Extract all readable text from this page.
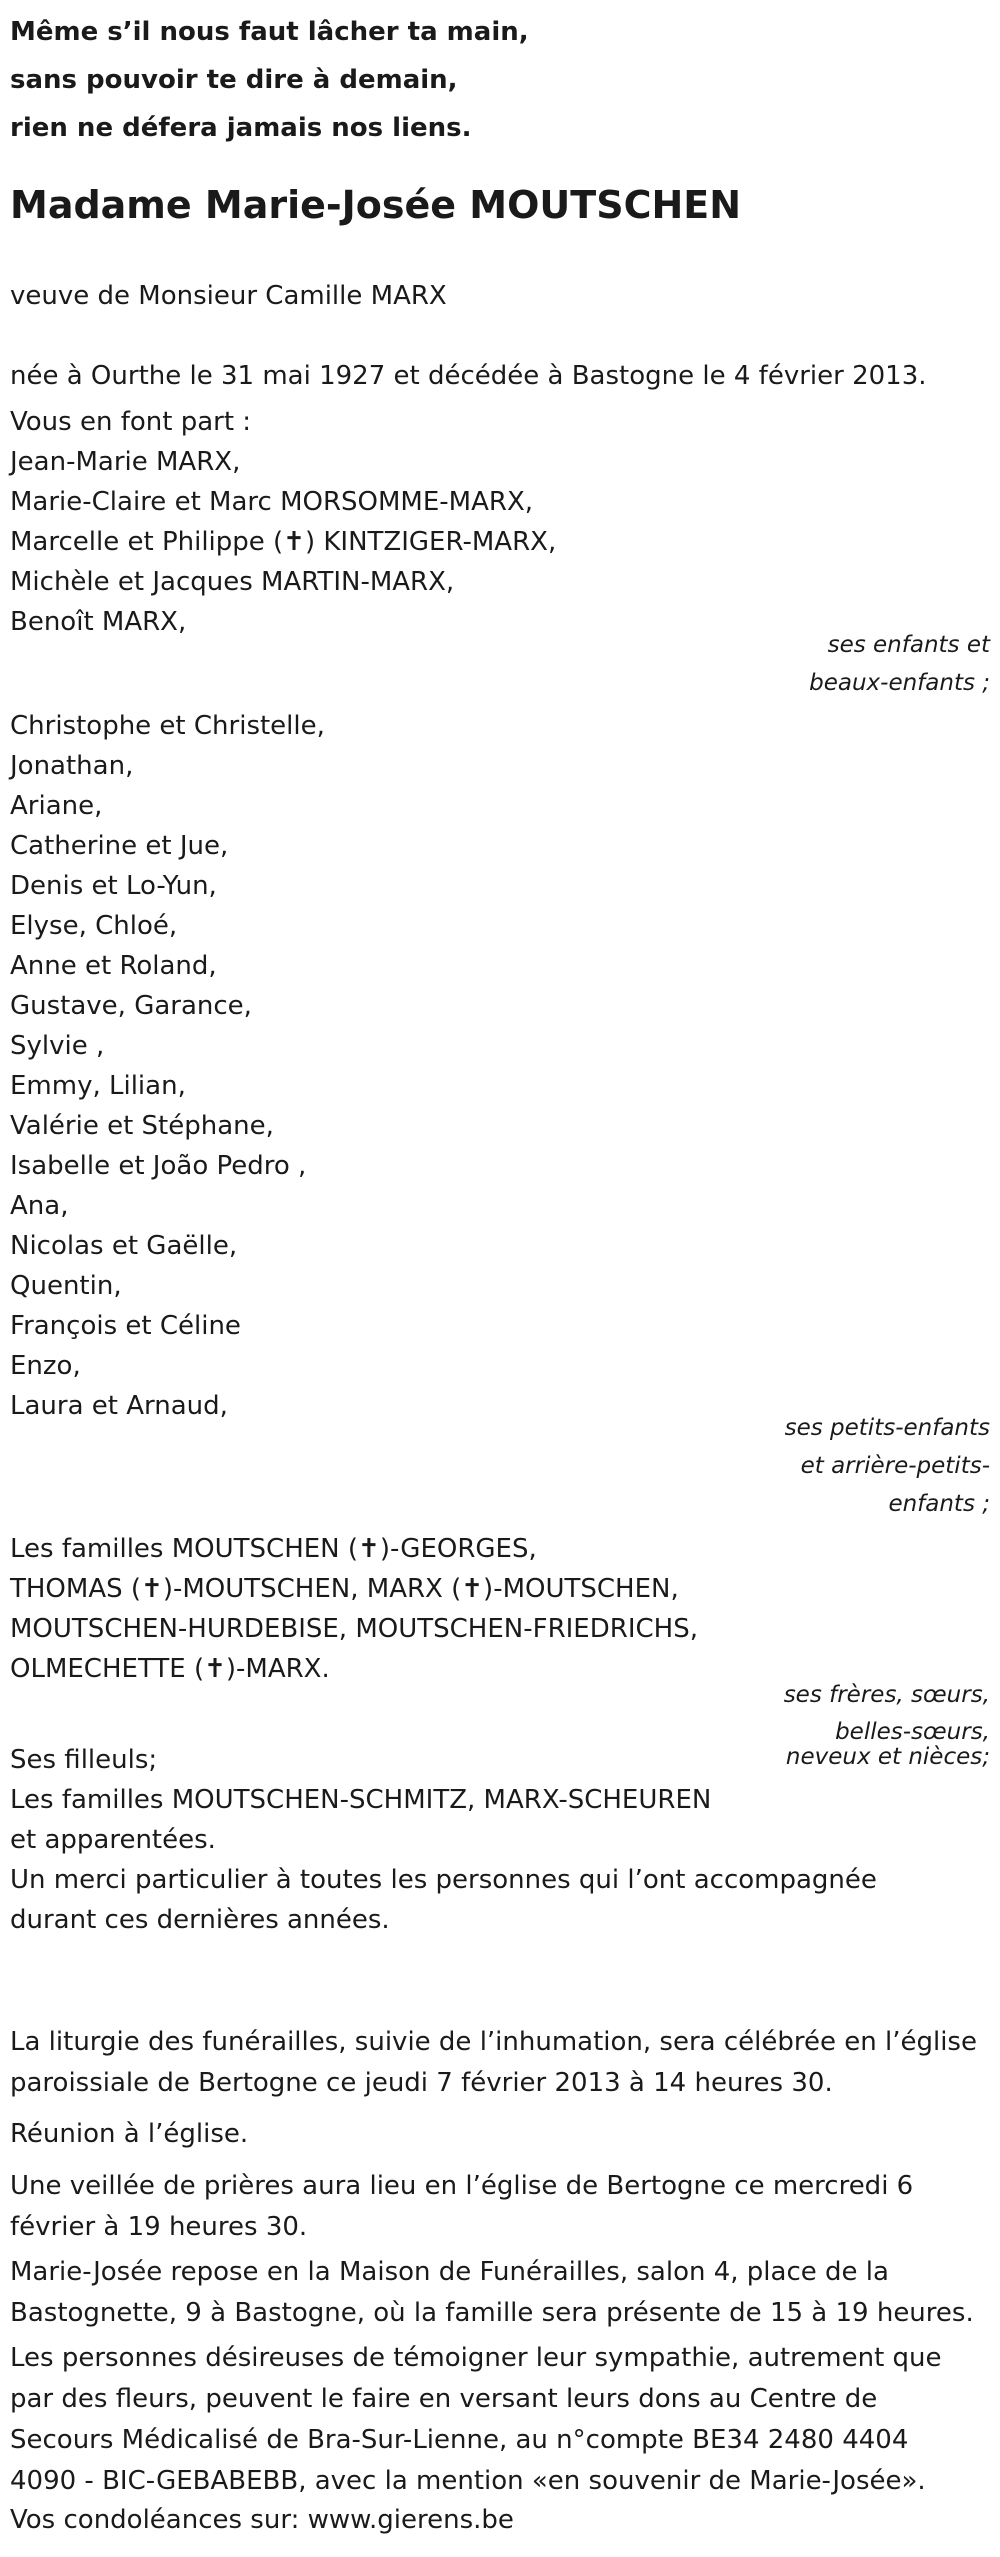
Même s’il nous faut lâcher ta main,
sans pouvoir te dire à demain,
rien ne défera jamais nos liens.
Madame Marie-Josée MOUTSCHEN
veuve de Monsieur Camille MARX
née à Ourthe le 31 mai 1927 et décédée à Bastogne le 4 février 2013.
Vous en font part :
Jean-Marie MARX,
Marie-Claire et Marc MORSOMME-MARX,
Marcelle et Philippe (✝) KINTZIGER-MARX,
Michèle et Jacques MARTIN-MARX,
Benoît MARX,
ses enfants et
beaux-enfants ;
Christophe et Christelle,
Jonathan,
Ariane,
Catherine et Jue,
Denis et Lo-Yun,
Elyse, Chloé,
Anne et Roland,
Gustave, Garance,
Sylvie ,
Emmy, Lilian,
Valérie et Stéphane,
Isabelle et João Pedro ,
Ana,
Nicolas et Gaëlle,
Quentin,
François et Céline
Enzo,
Laura et Arnaud,
ses petits-enfants
et arrière-petits-
enfants ;
Les familles MOUTSCHEN (✝)-GEORGES,
THOMAS (✝)-MOUTSCHEN, MARX (✝)-MOUTSCHEN,
MOUTSCHEN-HURDEBISE, MOUTSCHEN-FRIEDRICHS,
OLMECHETTE (✝)-MARX.
ses frères, sœurs,
belles-sœurs,
neveux et nièces;
Ses filleuls;
Les familles MOUTSCHEN-SCHMITZ, MARX-SCHEUREN
et apparentées.
Un merci particulier à toutes les personnes qui l’ont accompagnée
durant ces dernières années.
La liturgie des funérailles, suivie de l’inhumation, sera célébrée en l’église
paroissiale de Bertogne ce jeudi 7 février 2013 à 14 heures 30.
Réunion à l’église.
Une veillée de prières aura lieu en l’église de Bertogne ce mercredi 6
février à 19 heures 30.
Marie-Josée repose en la Maison de Funérailles, salon 4, place de la
Bastognette, 9 à Bastogne, où la famille sera présente de 15 à 19 heures.
Les personnes désireuses de témoigner leur sympathie, autrement que
par des fleurs, peuvent le faire en versant leurs dons au Centre de
Secours Médicalisé de Bra-Sur-Lienne, au n°compte BE34 2480 4404
4090 - BIC-GEBABEBB, avec la mention «en souvenir de Marie-Josée».
Vos condoléances sur: www.gierens.be
